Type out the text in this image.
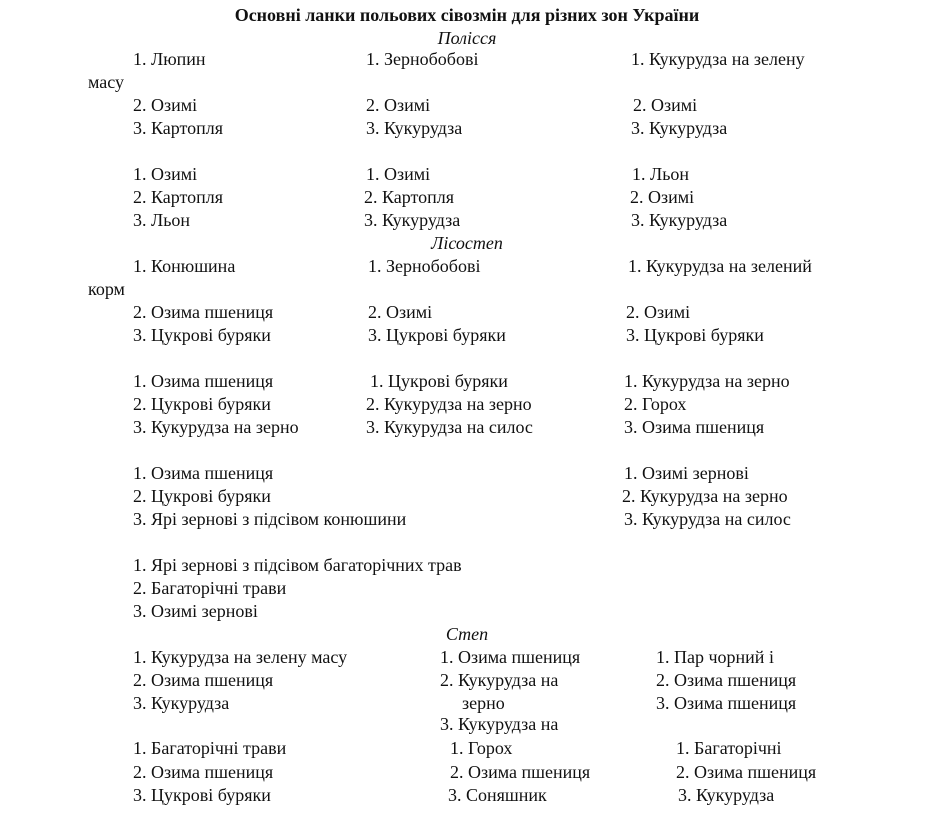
Основні ланки польових сівозмін для різних зон України
Полісся
1. Люпин
масу
2. Озимі
3. Картопля
1. Зернобобові
2. Озимі
3. Кукурудза
1. Кукурудза на зелену
2. Озимі
3. Кукурудза
1. Озимі
2. Картопля
3. Льон
1. Озимі
2. Картопля
3. Кукурудза
1. Льон
2. Озимі
3. Кукурудза
Лісостеп
1. Конюшина
корм
2. Озима пшениця
3. Цукрові буряки
1. Зернобобові
2. Озимі
3. Цукрові буряки
1. Кукурудза на зелений
2. Озимі
3. Цукрові буряки
1. Озима пшениця
2. Цукрові буряки
3. Кукурудза на зерно
1. Цукрові буряки
2. Кукурудза на зерно
3. Кукурудза на силос
1. Кукурудза на зерно
2. Горох
3. Озима пшениця
1. Озима пшениця
2. Цукрові буряки
3. Ярі зернові з підсівом конюшини
1. Озимі зернові
2. Кукурудза на зерно
3. Кукурудза на силос
1. Ярі зернові з підсівом багаторічних трав
2. Багаторічні трави
3. Озимі зернові
Степ
1. Кукурудза на зелену масу
2. Озима пшениця
3. Кукурудза
1. Озима пшениця
2. Кукурудза на
зерно
3. Кукурудза на
1. Пар чорний і
2. Озима пшениця
3. Озима пшениця
1. Багаторічні трави
2. Озима пшениця
3. Цукрові буряки
1. Горох
2. Озима пшениця
3. Соняшник
1. Багаторічні
2. Озима пшениця
3. Кукурудза
